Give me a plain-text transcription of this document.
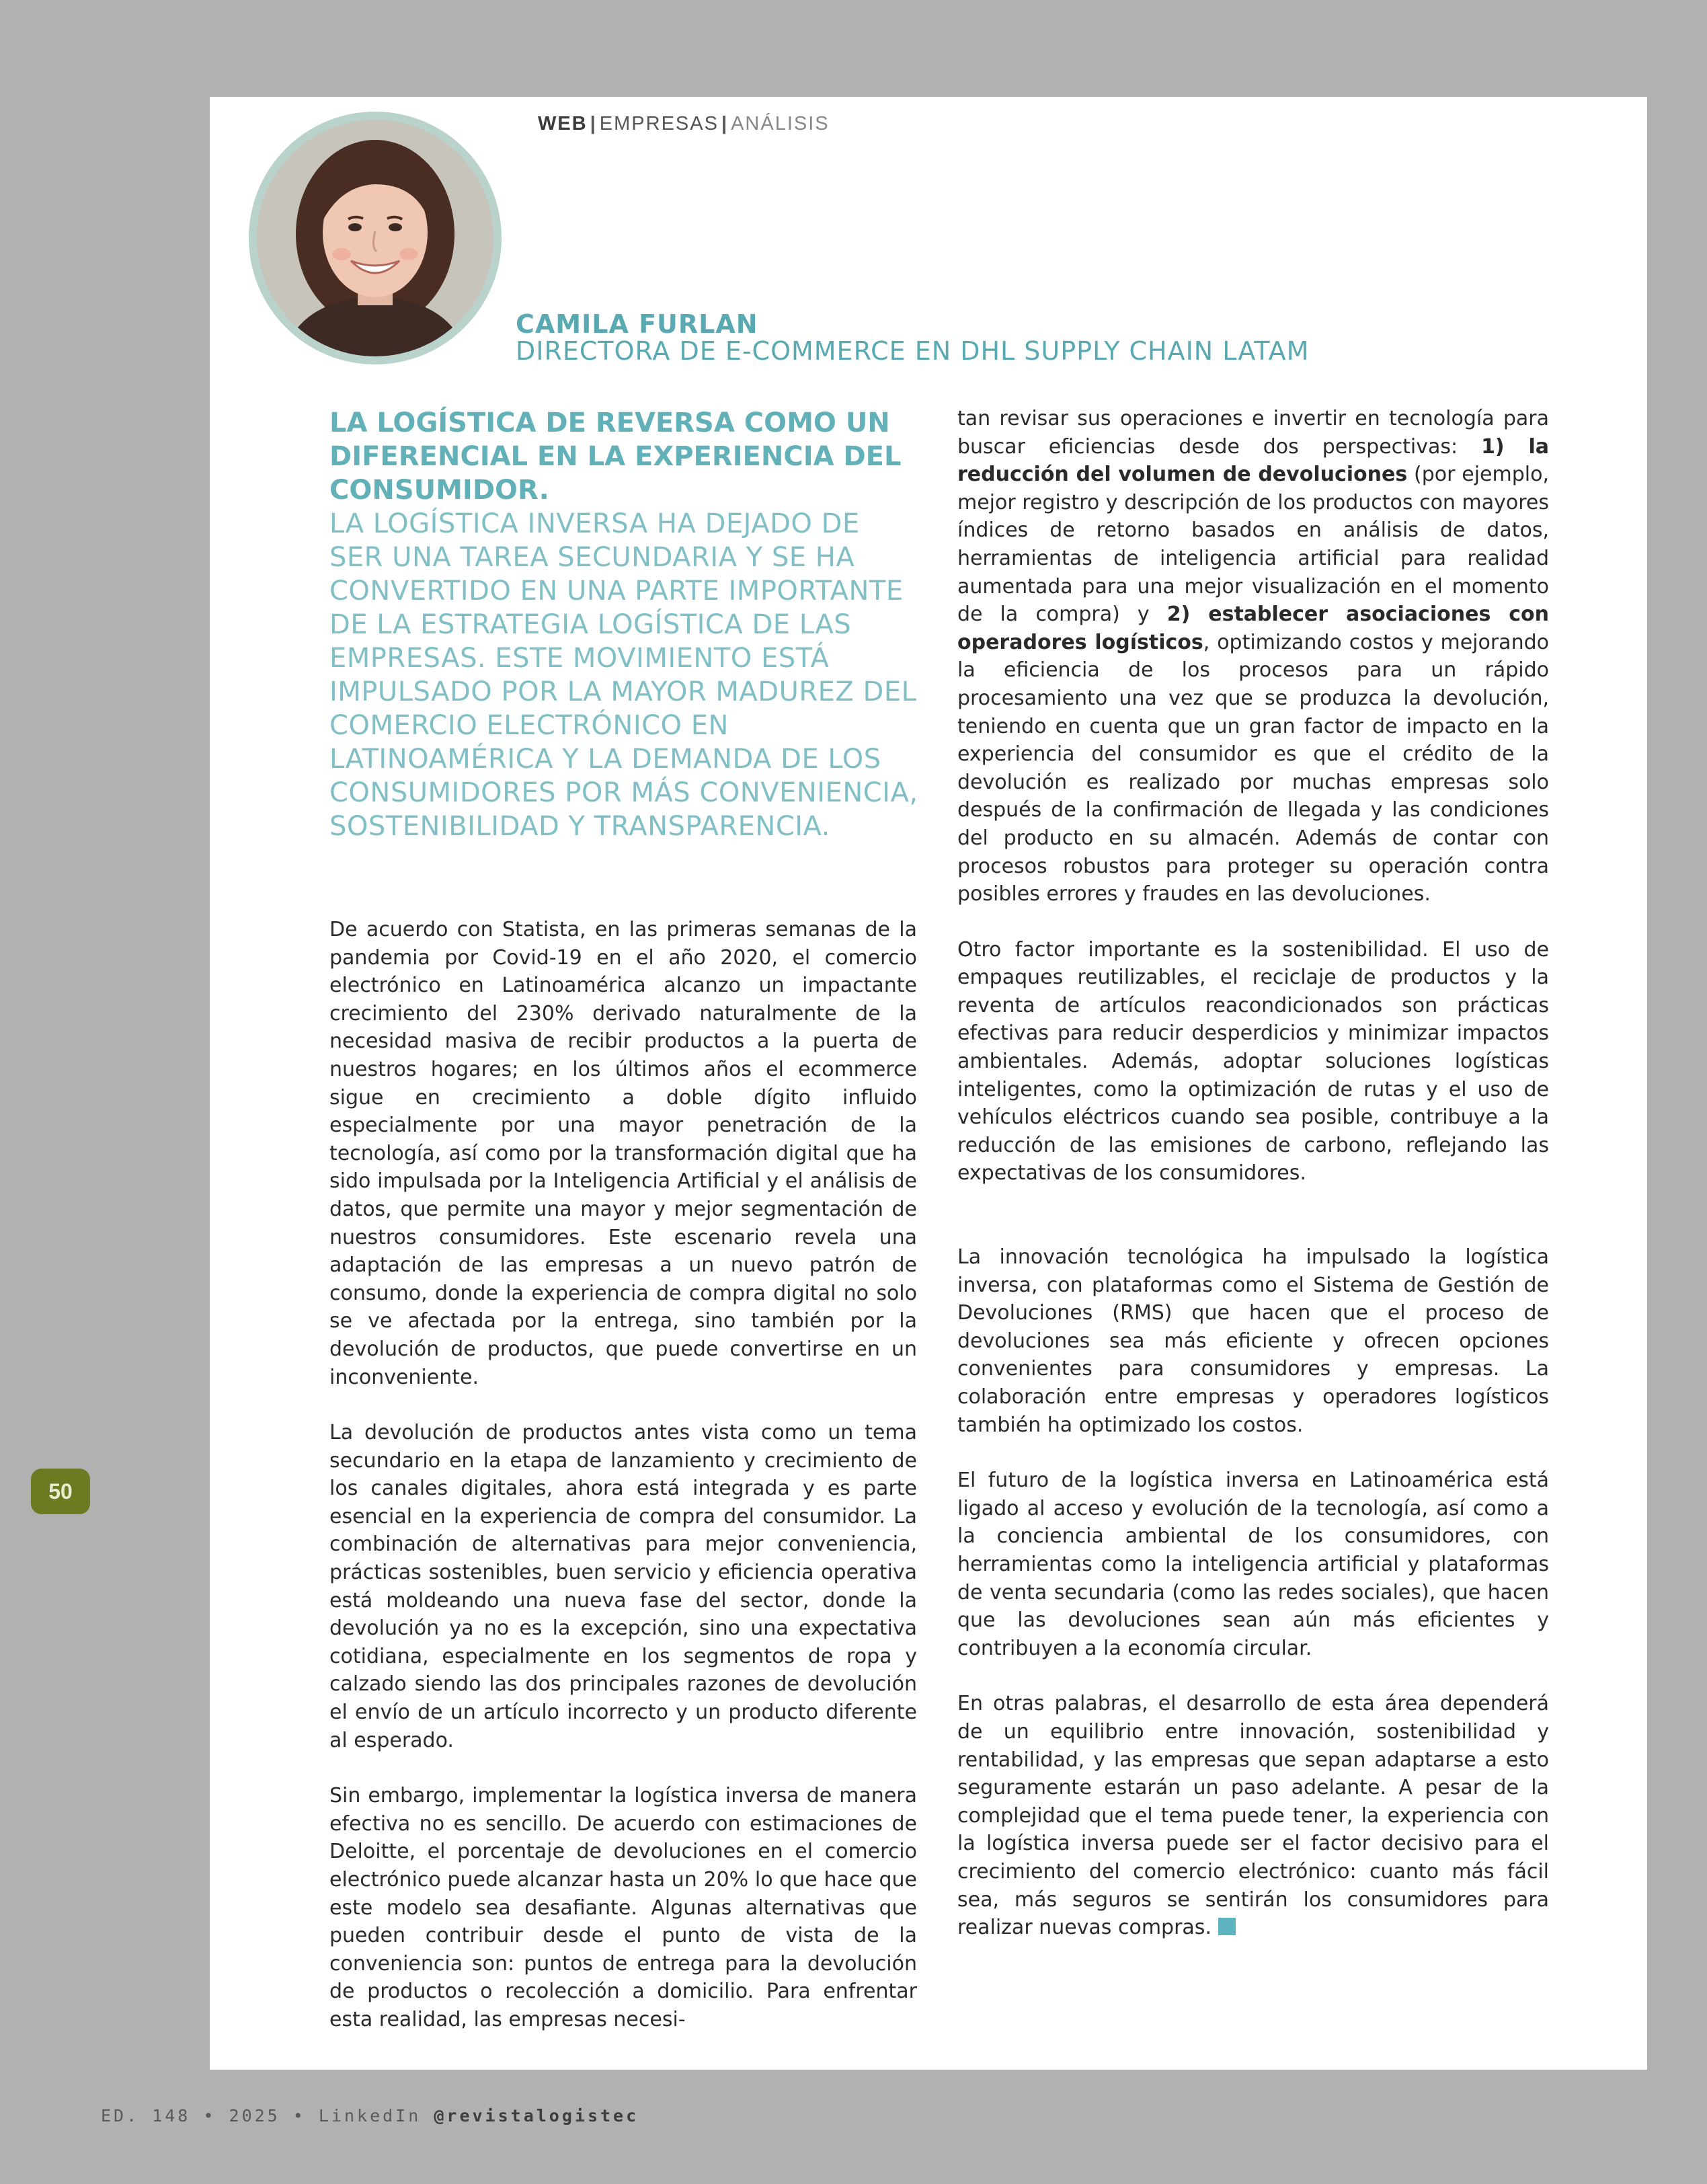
WEB | EMPRESAS | ANÁLISIS
CAMILA FURLAN
DIRECTORA DE E-COMMERCE EN DHL SUPPLY CHAIN LATAM
LA LOGÍSTICA DE REVERSA COMO UN DIFERENCIAL EN LA EXPERIENCIA DEL CONSUMIDOR.
LA LOGÍSTICA INVERSA HA DEJADO DE SER UNA TAREA SECUNDARIA Y SE HA CONVERTIDO EN UNA PARTE IMPORTANTE DE LA ESTRATEGIA LOGÍSTICA DE LAS EMPRESAS. ESTE MOVIMIENTO ESTÁ IMPULSADO POR LA MAYOR MADUREZ DEL COMERCIO ELECTRÓNICO EN LATINOAMÉRICA Y LA DEMANDA DE LOS CONSUMIDORES POR MÁS CONVENIENCIA, SOSTENIBILIDAD Y TRANSPARENCIA.

De acuerdo con Statista, en las primeras semanas de la pandemia por Covid-19 en el año 2020, el comercio electrónico en Latinoamérica alcanzo un impactante crecimiento del 230% derivado naturalmente de la necesidad masiva de recibir productos a la puerta de nuestros hogares; en los últimos años el ecommerce sigue en crecimiento a doble dígito influido especialmente por una mayor penetración de la tecnología, así como por la transformación digital que ha sido impulsada por la Inteligencia Artificial y el análisis de datos, que permite una mayor y mejor segmentación de nuestros consumidores. Este escenario revela una adaptación de las empresas a un nuevo patrón de consumo, donde la experiencia de compra digital no solo se ve afectada por la entrega, sino también por la devolución de productos, que puede convertirse en un inconveniente.

La devolución de productos antes vista como un tema secundario en la etapa de lanzamiento y crecimiento de los canales digitales, ahora está integrada y es parte esencial en la experiencia de compra del consumidor. La combinación de alternativas para mejor conveniencia, prácticas sostenibles, buen servicio y eficiencia operativa está moldeando una nueva fase del sector, donde la devolución ya no es la excepción, sino una expectativa cotidiana, especialmente en los segmentos de ropa y calzado siendo las dos principales razones de devolución el envío de un artículo incorrecto y un producto diferente al esperado.

Sin embargo, implementar la logística inversa de manera efectiva no es sencillo. De acuerdo con estimaciones de Deloitte, el porcentaje de devoluciones en el comercio electrónico puede alcanzar hasta un 20% lo que hace que este modelo sea desafiante. Algunas alternativas que pueden contribuir desde el punto de vista de la conveniencia son: puntos de entrega para la devolución de productos o recolección a domicilio. Para enfrentar esta realidad, las empresas necesi-

tan revisar sus operaciones e invertir en tecnología para buscar eficiencias desde dos perspectivas: 1) la reducción del volumen de devoluciones (por ejemplo, mejor registro y descripción de los productos con mayores índices de retorno basados en análisis de datos, herramientas de inteligencia artificial para realidad aumentada para una mejor visualización en el momento de la compra) y 2) establecer asociaciones con operadores logísticos, optimizando costos y mejorando la eficiencia de los procesos para un rápido procesamiento una vez que se produzca la devolución, teniendo en cuenta que un gran factor de impacto en la experiencia del consumidor es que el crédito de la devolución es realizado por muchas empresas solo después de la confirmación de llegada y las condiciones del producto en su almacén. Además de contar con procesos robustos para proteger su operación contra posibles errores y fraudes en las devoluciones.

Otro factor importante es la sostenibilidad. El uso de empaques reutilizables, el reciclaje de productos y la reventa de artículos reacondicionados son prácticas efectivas para reducir desperdicios y minimizar impactos ambientales. Además, adoptar soluciones logísticas inteligentes, como la optimización de rutas y el uso de vehículos eléctricos cuando sea posible, contribuye a la reducción de las emisiones de carbono, reflejando las expectativas de los consumidores.

La innovación tecnológica ha impulsado la logística inversa, con plataformas como el Sistema de Gestión de Devoluciones (RMS) que hacen que el proceso de devoluciones sea más eficiente y ofrecen opciones convenientes para consumidores y empresas. La colaboración entre empresas y operadores logísticos también ha optimizado los costos.

El futuro de la logística inversa en Latinoamérica está ligado al acceso y evolución de la tecnología, así como a la conciencia ambiental de los consumidores, con herramientas como la inteligencia artificial y plataformas de venta secundaria (como las redes sociales), que hacen que las devoluciones sean aún más eficientes y contribuyen a la economía circular.

En otras palabras, el desarrollo de esta área dependerá de un equilibrio entre innovación, sostenibilidad y rentabilidad, y las empresas que sepan adaptarse a esto seguramente estarán un paso adelante. A pesar de la complejidad que el tema puede tener, la experiencia con la logística inversa puede ser el factor decisivo para el crecimiento del comercio electrónico: cuanto más fácil sea, más seguros se sentirán los consumidores para realizar nuevas compras.

50
ED. 148 • 2025 • LinkedIn @revistalogistec
